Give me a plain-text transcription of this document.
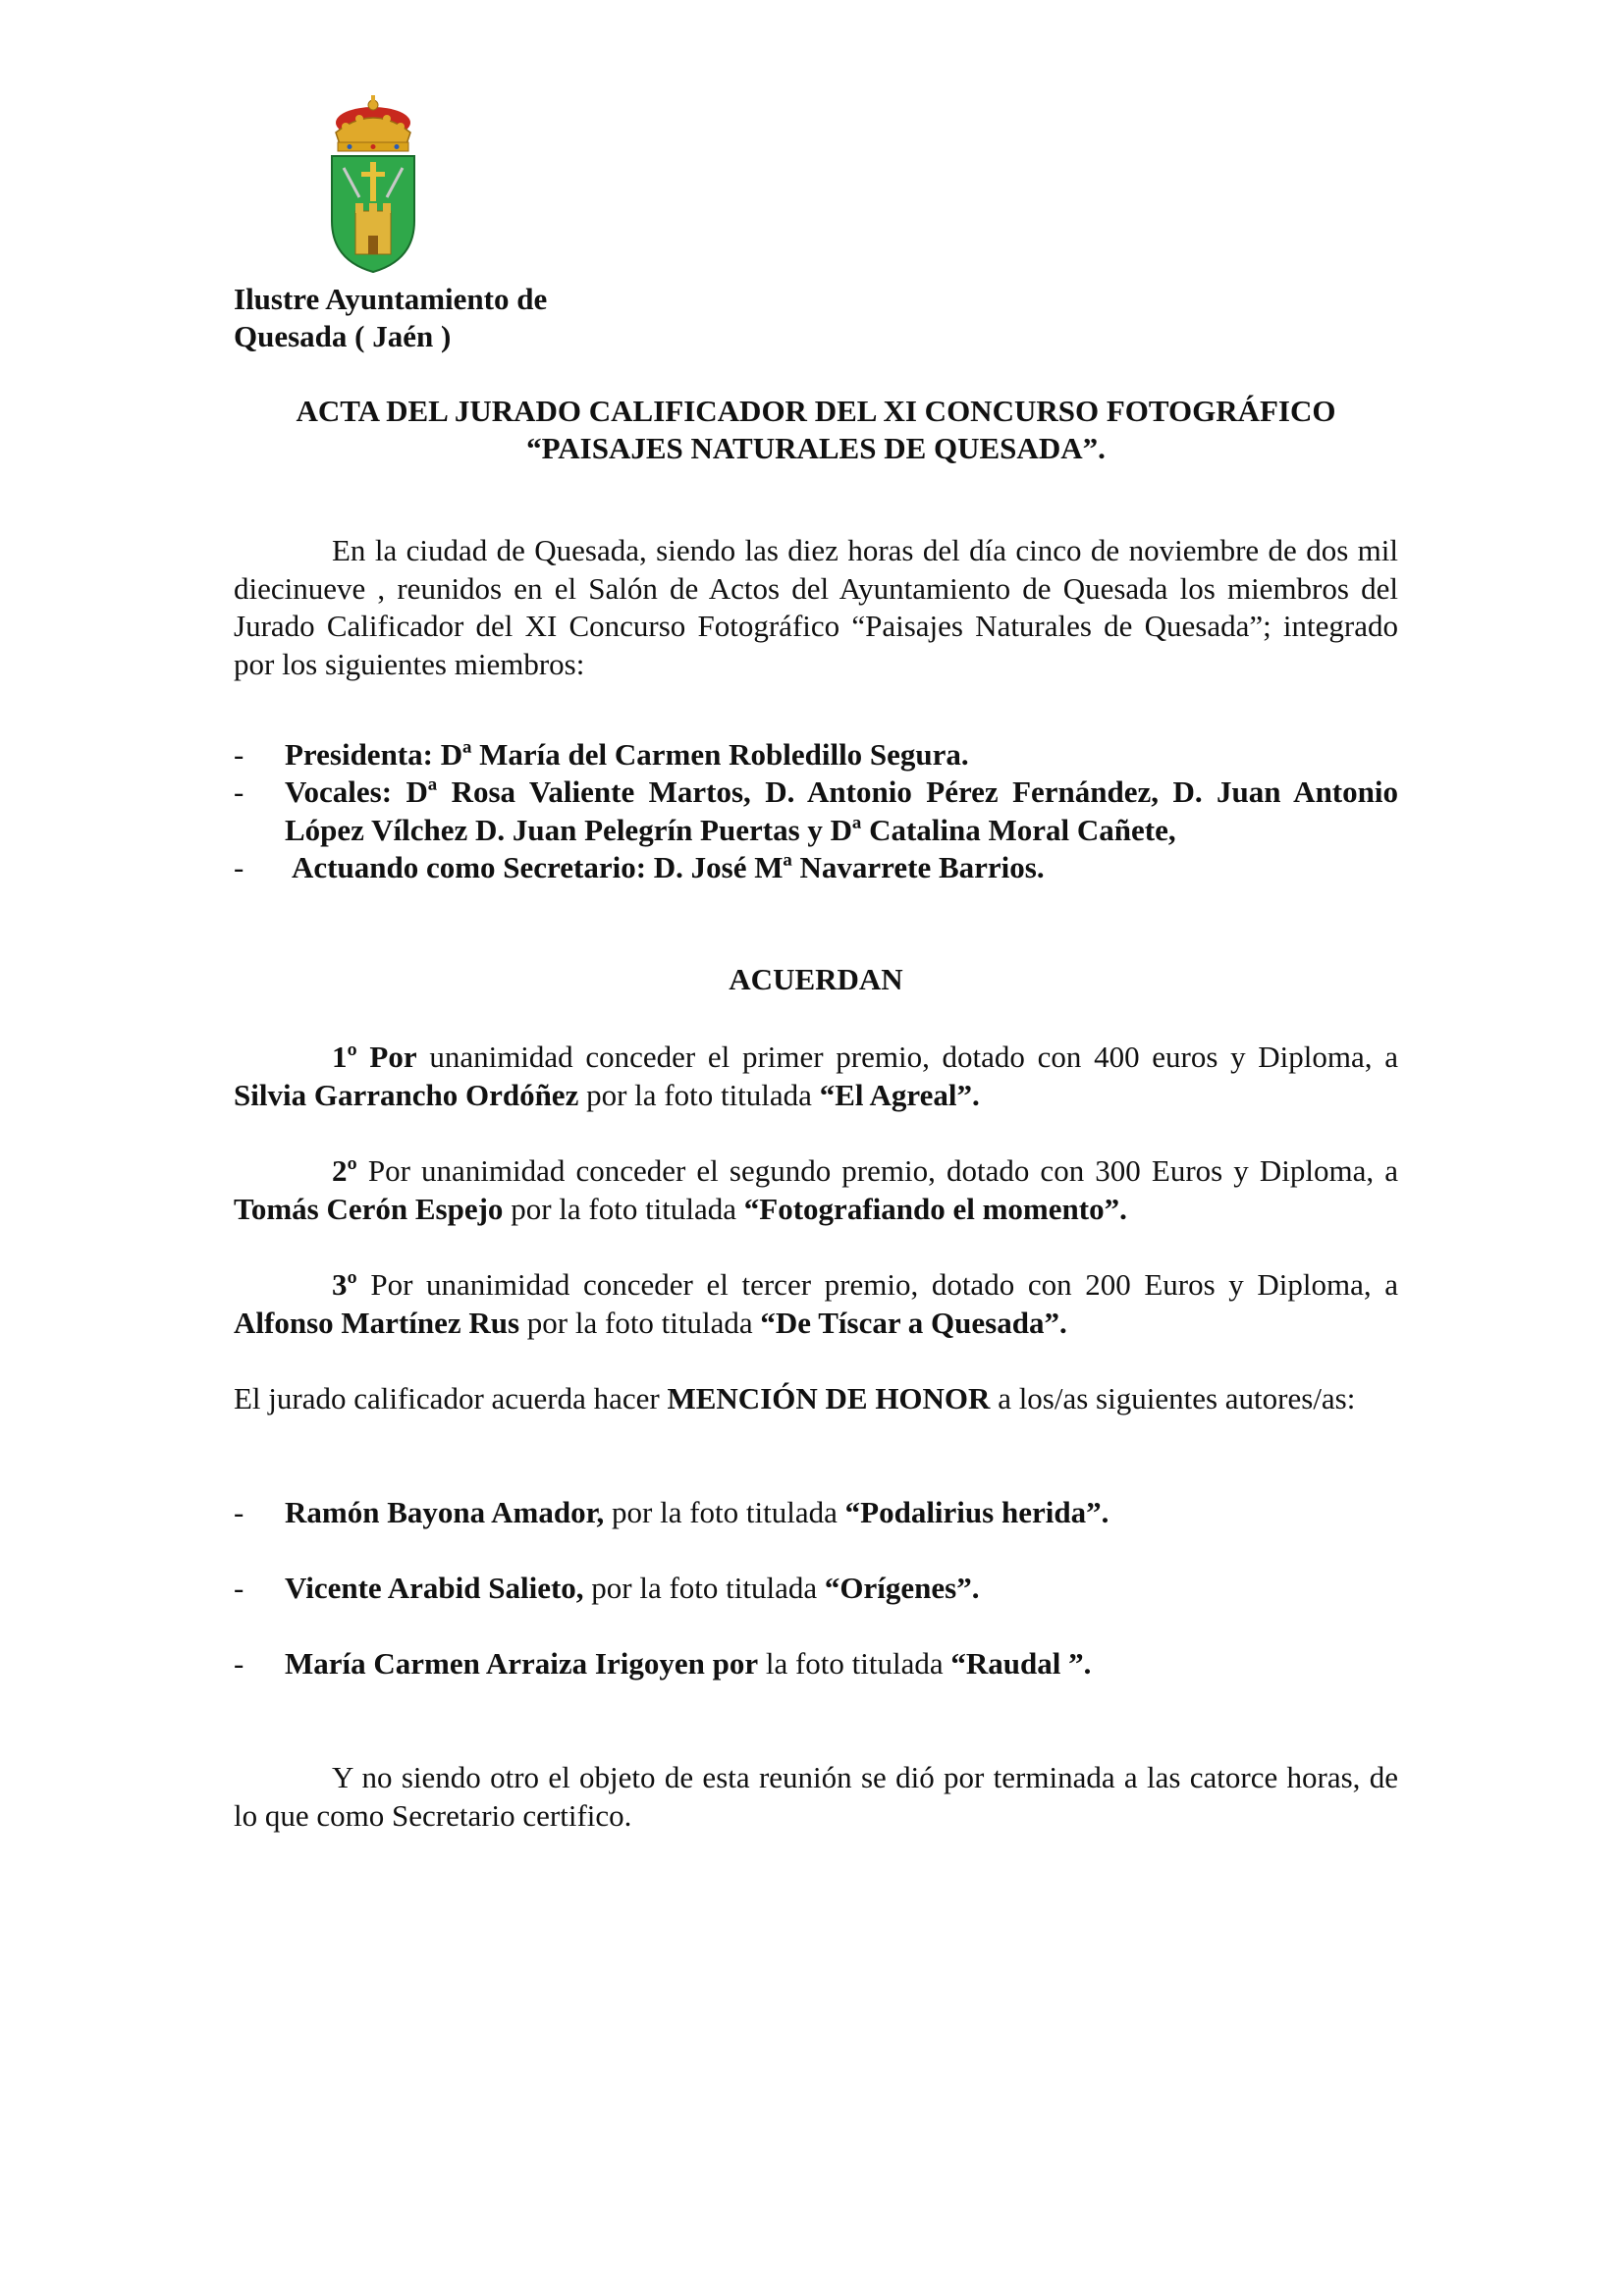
Ilustre Ayuntamiento de
Quesada ( Jaén )
ACTA DEL JURADO CALIFICADOR DEL XI CONCURSO FOTOGRÁFICO
“PAISAJES NATURALES DE QUESADA”.

En la ciudad de Quesada, siendo las diez horas del día cinco de noviembre de dos mil diecinueve , reunidos en el Salón de Actos del Ayuntamiento de Quesada los miembros del Jurado Calificador del XI Concurso Fotográfico “Paisajes Naturales de Quesada”; integrado por los siguientes miembros:

- Presidenta: Dª María del Carmen Robledillo Segura.
- Vocales: Dª Rosa Valiente Martos, D. Antonio Pérez Fernández, D. Juan Antonio López Vílchez D. Juan Pelegrín Puertas y Dª Catalina Moral Cañete,
- Actuando como Secretario: D. José Mª Navarrete Barrios.
ACUERDAN

1º Por unanimidad conceder el primer premio, dotado con 400 euros y Diploma, a Silvia Garrancho Ordóñez por la foto titulada “El Agreal”.

2º Por unanimidad conceder el segundo premio, dotado con 300 Euros y Diploma, a Tomás Cerón Espejo por la foto titulada “Fotografiando el momento”.

3º Por unanimidad conceder el tercer premio, dotado con 200 Euros y Diploma, a Alfonso Martínez Rus por la foto titulada “De Tíscar a Quesada”.

El jurado calificador acuerda hacer MENCIÓN DE HONOR a los/as siguientes autores/as:

- Ramón Bayona Amador, por la foto titulada “Podalirius herida”.
- Vicente Arabid Salieto, por la foto titulada “Orígenes”.
- María Carmen Arraiza Irigoyen por la foto titulada “Raudal ”.

Y no siendo otro el objeto de esta reunión se dió por terminada a las catorce horas, de lo que como Secretario certifico.
